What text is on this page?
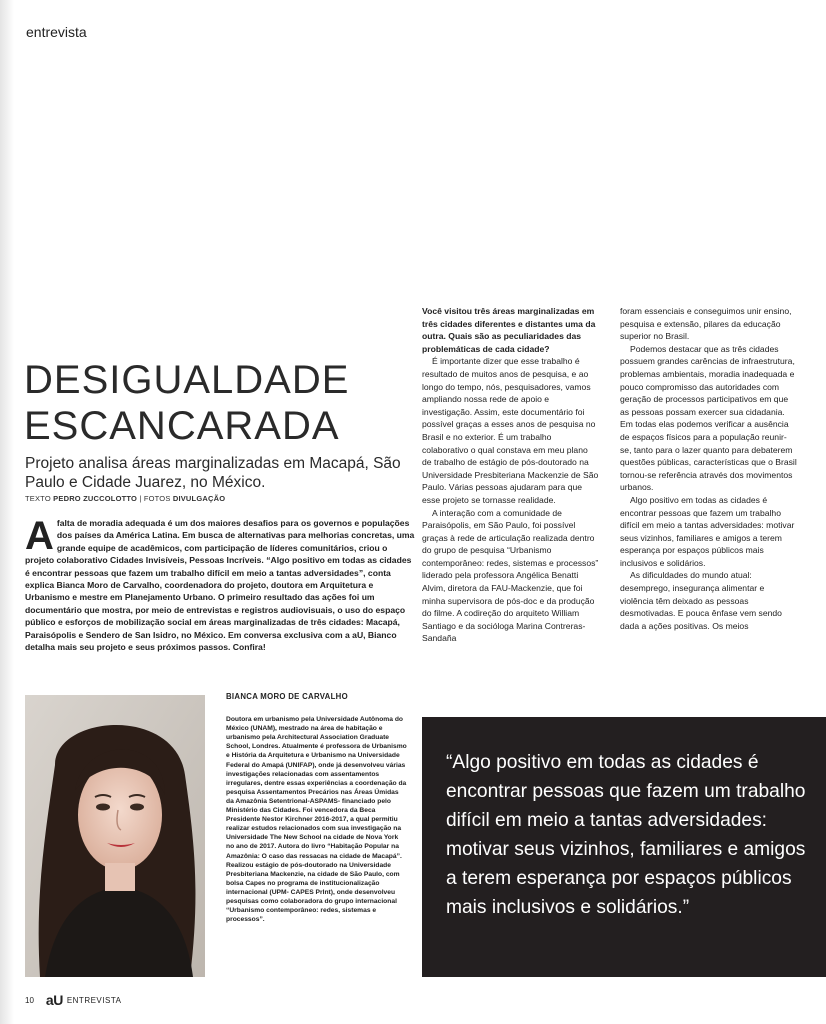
entrevista
DESIGUALDADE
ESCANCARADA
Projeto analisa áreas marginalizadas em Macapá, São Paulo e Cidade Juarez, no México.
TEXTO PEDRO ZUCCOLOTTO | FOTOS DIVULGAÇÃO
A falta de moradia adequada é um dos maiores desafios para os governos e populações dos países da América Latina. Em busca de alternativas para melhorias concretas, uma grande equipe de acadêmicos, com participação de líderes comunitários, criou o projeto colaborativo Cidades Invisíveis, Pessoas Incríveis. “Algo positivo em todas as cidades é encontrar pessoas que fazem um trabalho difícil em meio a tantas adversidades”, conta explica Bianca Moro de Carvalho, coordenadora do projeto, doutora em Arquitetura e Urbanismo e mestre em Planejamento Urbano. O primeiro resultado das ações foi um documentário que mostra, por meio de entrevistas e registros audiovisuais, o uso do espaço público e esforços de mobilização social em áreas marginalizadas de três cidades: Macapá, Paraisópolis e Sendero de San Isidro, no México. Em conversa exclusiva com a aU, Bianco detalha mais seu projeto e seus próximos passos. Confira!
BIANCA MORO DE CARVALHO
Doutora em urbanismo pela Universidade Autônoma do México (UNAM), mestrado na área de habitação e urbanismo pela Architectural Association Graduate School, Londres. Atualmente é professora de Urbanismo e História da Arquitetura e Urbanismo na Universidade Federal do Amapá (UNIFAP), onde já desenvolveu várias investigações relacionadas com assentamentos irregulares, dentre essas experiências a coordenação da pesquisa Assentamentos Precários nas Áreas Úmidas da Amazônia Setentrional-ASPAMS- financiado pelo Ministério das Cidades. Foi vencedora da Beca Presidente Nestor Kirchner 2016-2017, a qual permitiu realizar estudos relacionados com sua investigação na Universidade The New School na cidade de Nova York no ano de 2017. Autora do livro “Habitação Popular na Amazônia: O caso das ressacas na cidade de Macapá”. Realizou estágio de pós-doutorado na Universidade Presbiteriana Mackenzie, na cidade de São Paulo, com bolsa Capes no programa de institucionalização internacional (UPM- CAPES PrInt), onde desenvolveu pesquisas como colaboradora do grupo internacional “Urbanismo contemporâneo: redes, sistemas e processos”.

Você visitou três áreas marginalizadas em três cidades diferentes e distantes uma da outra. Quais são as peculiaridades das problemáticas de cada cidade?

É importante dizer que esse trabalho é resultado de muitos anos de pesquisa, e ao longo do tempo, nós, pesquisadores, vamos ampliando nossa rede de apoio e investigação. Assim, este documentário foi possível graças a esses anos de pesquisa no Brasil e no exterior. É um trabalho colaborativo o qual constava em meu plano de trabalho de estágio de pós-doutorado na Universidade Presbiteriana Mackenzie de São Paulo. Várias pessoas ajudaram para que esse projeto se tornasse realidade.

A interação com a comunidade de Paraisópolis, em São Paulo, foi possível graças à rede de articulação realizada dentro do grupo de pesquisa “Urbanismo contemporâneo: redes, sistemas e processos” liderado pela professora Angélica Benatti Alvim, diretora da FAU-Mackenzie, que foi minha supervisora de pós-doc e da produção do filme. A codireção do arquiteto William Santiago e da socióloga Marina Contreras-Sandaña

foram essenciais e conseguimos unir ensino, pesquisa e extensão, pilares da educação superior no Brasil.

Podemos destacar que as três cidades possuem grandes carências de infraestrutura, problemas ambientais, moradia inadequada e pouco compromisso das autoridades com geração de processos participativos em que as pessoas possam exercer sua cidadania. Em todas elas podemos verificar a ausência de espaços físicos para a população reunir-se, tanto para o lazer quanto para debaterem questões públicas, características que o Brasil tornou-se referência através dos movimentos urbanos.

Algo positivo em todas as cidades é encontrar pessoas que fazem um trabalho difícil em meio a tantas adversidades: motivar seus vizinhos, familiares e amigos a terem esperança por espaços públicos mais inclusivos e solidários.

As dificuldades do mundo atual: desemprego, insegurança alimentar e violência têm deixado as pessoas desmotivadas. E pouca ênfase vem sendo dada a ações positivas. Os meios

“Algo positivo em todas as cidades é encontrar pessoas que fazem um trabalho difícil em meio a tantas adversidades: motivar seus vizinhos, familiares e amigos a terem esperança por espaços públicos mais inclusivos e solidários.”
10 aU ENTREVISTA
